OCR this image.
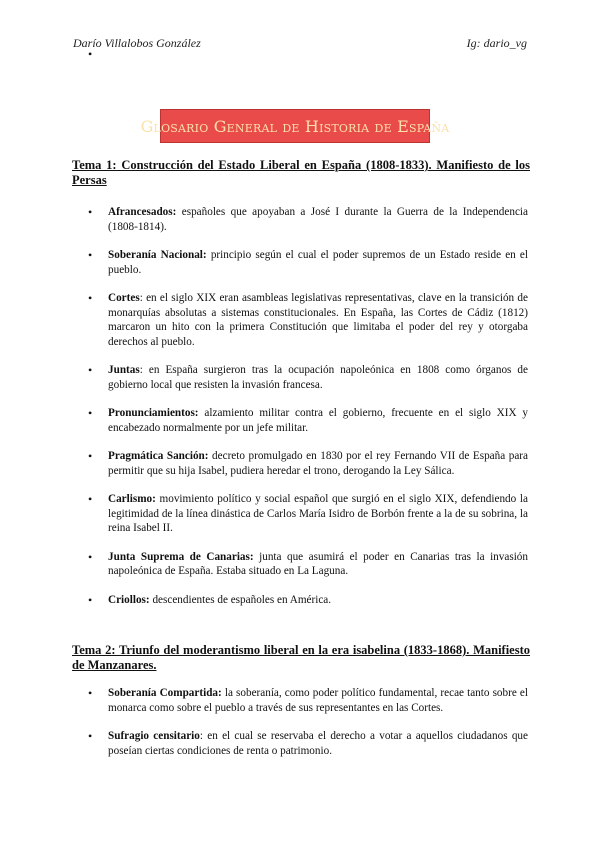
Darío Villalobos González	Ig: dario_vg
Glosario General de Historia de España
Tema 1: Construcción del Estado Liberal en España (1808-1833). Manifiesto de los Persas
• Afrancesados: españoles que apoyaban a José I durante la Guerra de la Independencia (1808-1814).
• Soberanía Nacional: principio según el cual el poder supremos de un Estado reside en el pueblo.
• Cortes: en el siglo XIX eran asambleas legislativas representativas, clave en la transición de monarquías absolutas a sistemas constitucionales. En España, las Cortes de Cádiz (1812) marcaron un hito con la primera Constitución que limitaba el poder del rey y otorgaba derechos al pueblo.
• Juntas: en España surgieron tras la ocupación napoleónica en 1808 como órganos de gobierno local que resisten la invasión francesa.
• Pronunciamientos: alzamiento militar contra el gobierno, frecuente en el siglo XIX y encabezado normalmente por un jefe militar.
• Pragmática Sanción: decreto promulgado en 1830 por el rey Fernando VII de España para permitir que su hija Isabel, pudiera heredar el trono, derogando la Ley Sálica.
• Carlismo: movimiento político y social español que surgió en el siglo XIX, defendiendo la legitimidad de la línea dinástica de Carlos María Isidro de Borbón frente a la de su sobrina, la reina Isabel II.
• Junta Suprema de Canarias: junta que asumirá el poder en Canarias tras la invasión napoleónica de España. Estaba situado en La Laguna.
• Criollos: descendientes de españoles en América.
Tema 2: Triunfo del moderantismo liberal en la era isabelina (1833-1868). Manifiesto de Manzanares.
• Soberanía Compartida: la soberanía, como poder político fundamental, recae tanto sobre el monarca como sobre el pueblo a través de sus representantes en las Cortes.
• Sufragio censitario: en el cual se reservaba el derecho a votar a aquellos ciudadanos que poseían ciertas condiciones de renta o patrimonio.
